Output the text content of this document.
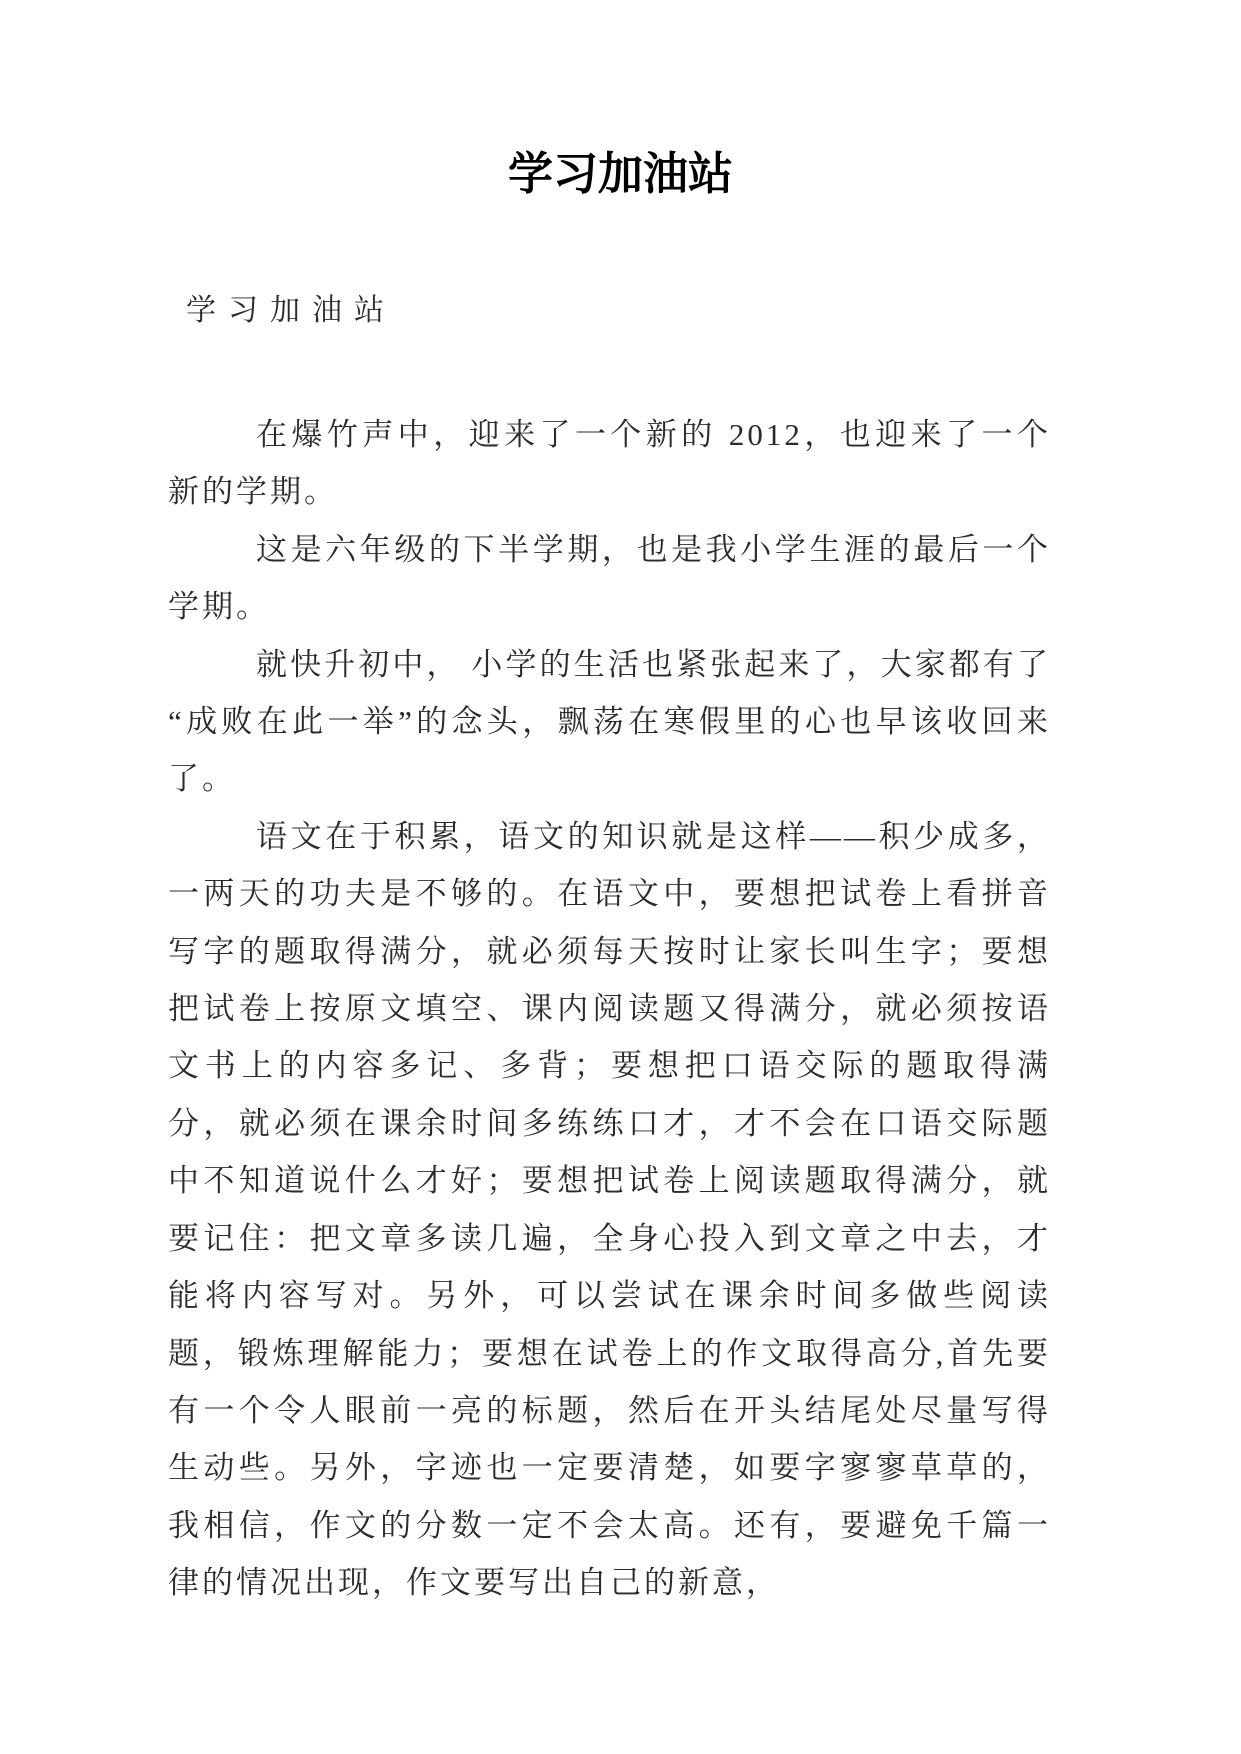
学习加油站
学习加油站

在爆竹声中，迎来了一个新的 2012，也迎来了一个新的学期。

这是六年级的下半学期，也是我小学生涯的最后一个学期。

就快升初中， 小学的生活也紧张起来了，大家都有了“成败在此一举”的念头，飘荡在寒假里的心也早该收回来了。

语文在于积累，语文的知识就是这样——积少成多，一两天的功夫是不够的。在语文中，要想把试卷上看拼音写字的题取得满分，就必须每天按时让家长叫生字；要想把试卷上按原文填空、课内阅读题又得满分，就必须按语文书上的内容多记、多背；要想把口语交际的题取得满分，就必须在课余时间多练练口才，才不会在口语交际题中不知道说什么才好；要想把试卷上阅读题取得满分，就要记住：把文章多读几遍，全身心投入到文章之中去，才能将内容写对。另外，可以尝试在课余时间多做些阅读题，锻炼理解能力；要想在试卷上的作文取得高分,首先要有一个令人眼前一亮的标题，然后在开头结尾处尽量写得生动些。另外，字迹也一定要清楚，如要字寥寥草草的，我相信，作文的分数一定不会太高。还有，要避免千篇一律的情况出现，作文要写出自己的新意，
